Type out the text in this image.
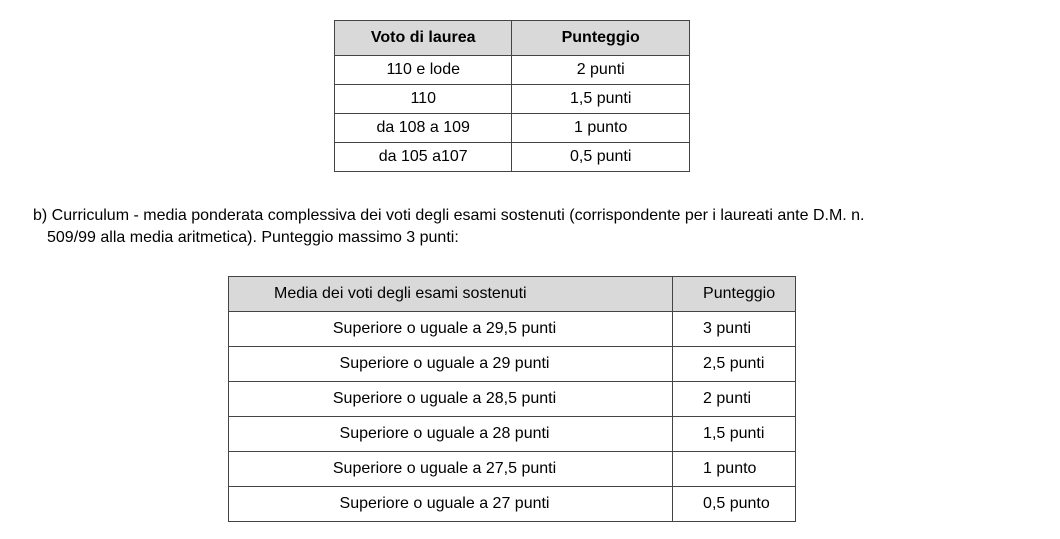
Voto di laurea	Punteggio
110 e lode	2 punti
110	1,5 punti
da 108 a 109	1 punto
da 105 a107	0,5 punti
b) Curriculum - media ponderata complessiva dei voti degli esami sostenuti (corrispondente per i laureati ante D.M. n.
509/99 alla media aritmetica). Punteggio massimo 3 punti:
Media dei voti degli esami sostenuti	Punteggio
Superiore o uguale a 29,5 punti	3 punti
Superiore o uguale a 29 punti	2,5 punti
Superiore o uguale a 28,5 punti	2 punti
Superiore o uguale a 28 punti	1,5 punti
Superiore o uguale a 27,5 punti	1 punto
Superiore o uguale a 27 punti	0,5 punto
